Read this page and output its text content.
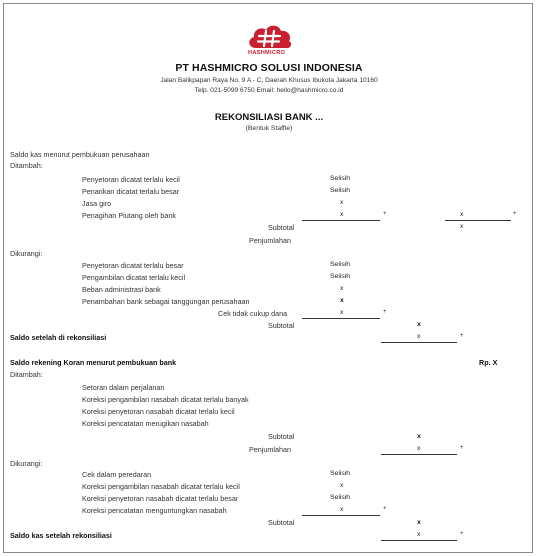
HASHMICRO
PT HASHMICRO SOLUSI INDONESIA
Jalan Balikpapan Raya No. 9 A - C, Daerah Khusus Ibukota Jakarta 10160
Telp. 021-5099 6750 Email: hello@hashmicro.co.id
REKONSILIASI BANK ...
(Bentuk Staffle)
Saldo kas menurut pembukuan perusahaan
Ditambah:
Penyetoran dicatat terlalu kecil	Selisih
Penarikan dicatat terlalu besar	Selisih
Jasa giro	x
Penagihan Piutang oleh bank	x	+	x	+
Subtotal	x
Penjumlahan
Dikurangi:
Penyetoran dicatat terlalu besar	Selisih
Pengambilan dicatat terlalu kecil	Selisih
Beban administrasi bank	x
Penambahan bank sebagai tanggungan perusahaan	x
Cek tidak cukup dana	x	+
Subtotal	x
Saldo setelah di rekonsiliasi	x	+
Saldo rekening Koran menurut pembukuan bank	Rp. X
Ditambah:
Setoran dalam perjalanan
Koreksi pengambilan nasabah dicatat terlalu banyak
Koreksi penyetoran nasabah dicatat terlalu kecil
Koreksi pencatatan merugikan nasabah
Subtotal	x
Penjumlahan	x	+
Dikurangi:
Cek dalam peredaran	Selisih
Koreksi pengambilan nasabah dicatat terlalu kecil	x
Koreksi penyetoran nasabah dicatat terlalu besar	Selisih
Koreksi pencatatan menguntungkan nasabah	x	+
Subtotal	x
Saldo kas setelah rekonsiliasi	x	+
